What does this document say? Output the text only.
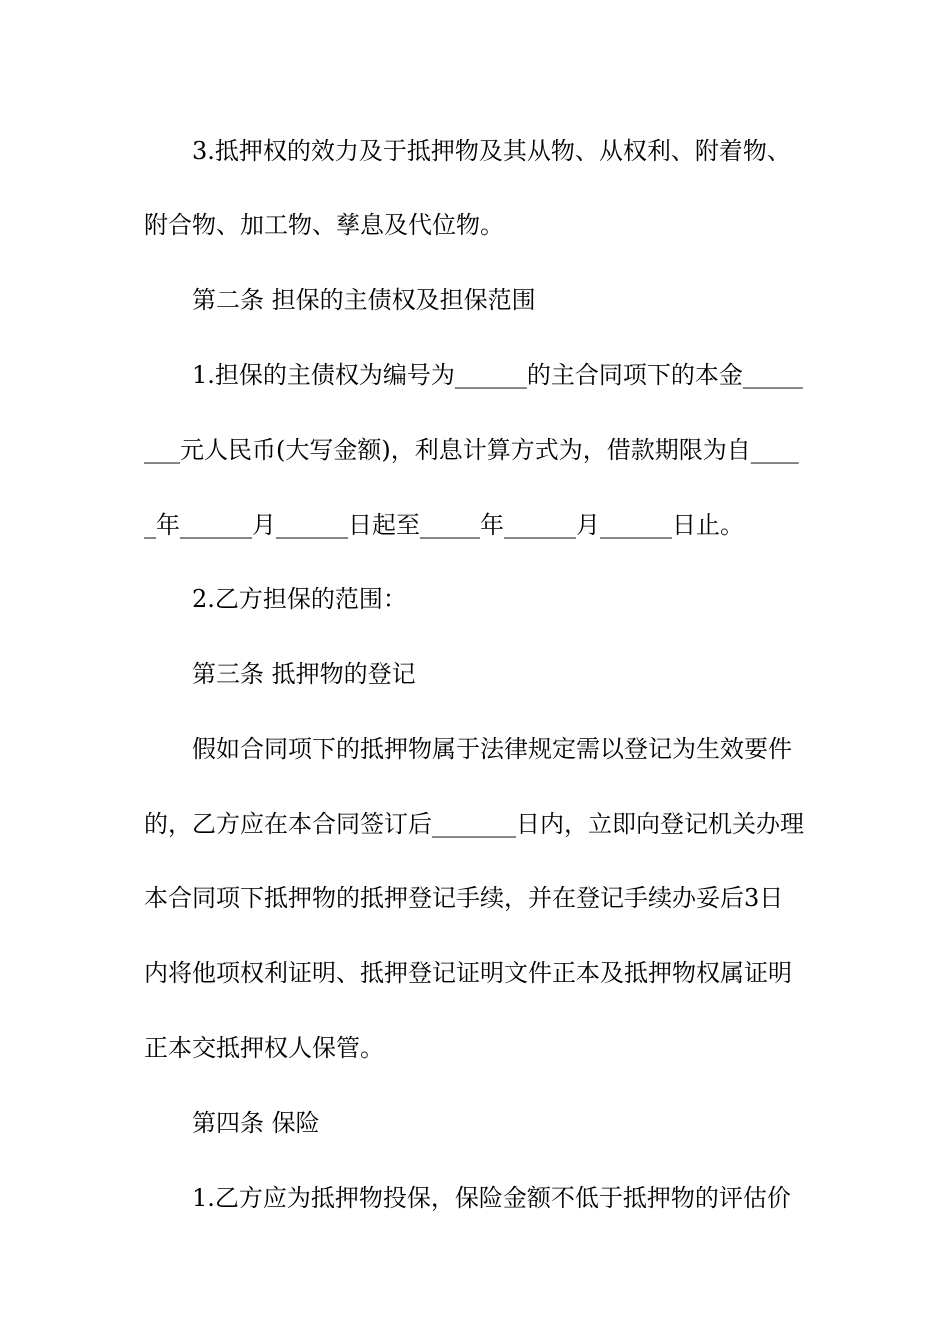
3.抵押权的效力及于抵押物及其从物、从权利、附着物、
附合物、加工物、孳息及代位物。
第二条 担保的主债权及担保范围
1.担保的主债权为编号为______的主合同项下的本金_____
___元人民币(大写金额)，利息计算方式为，借款期限为自____
_年______月______日起至_____年______月______日止。
2.乙方担保的范围：
第三条 抵押物的登记
假如合同项下的抵押物属于法律规定需以登记为生效要件
的，乙方应在本合同签订后_______日内，立即向登记机关办理
本合同项下抵押物的抵押登记手续，并在登记手续办妥后3日
内将他项权利证明、抵押登记证明文件正本及抵押物权属证明
正本交抵押权人保管。
第四条 保险
1.乙方应为抵押物投保，保险金额不低于抵押物的评估价
